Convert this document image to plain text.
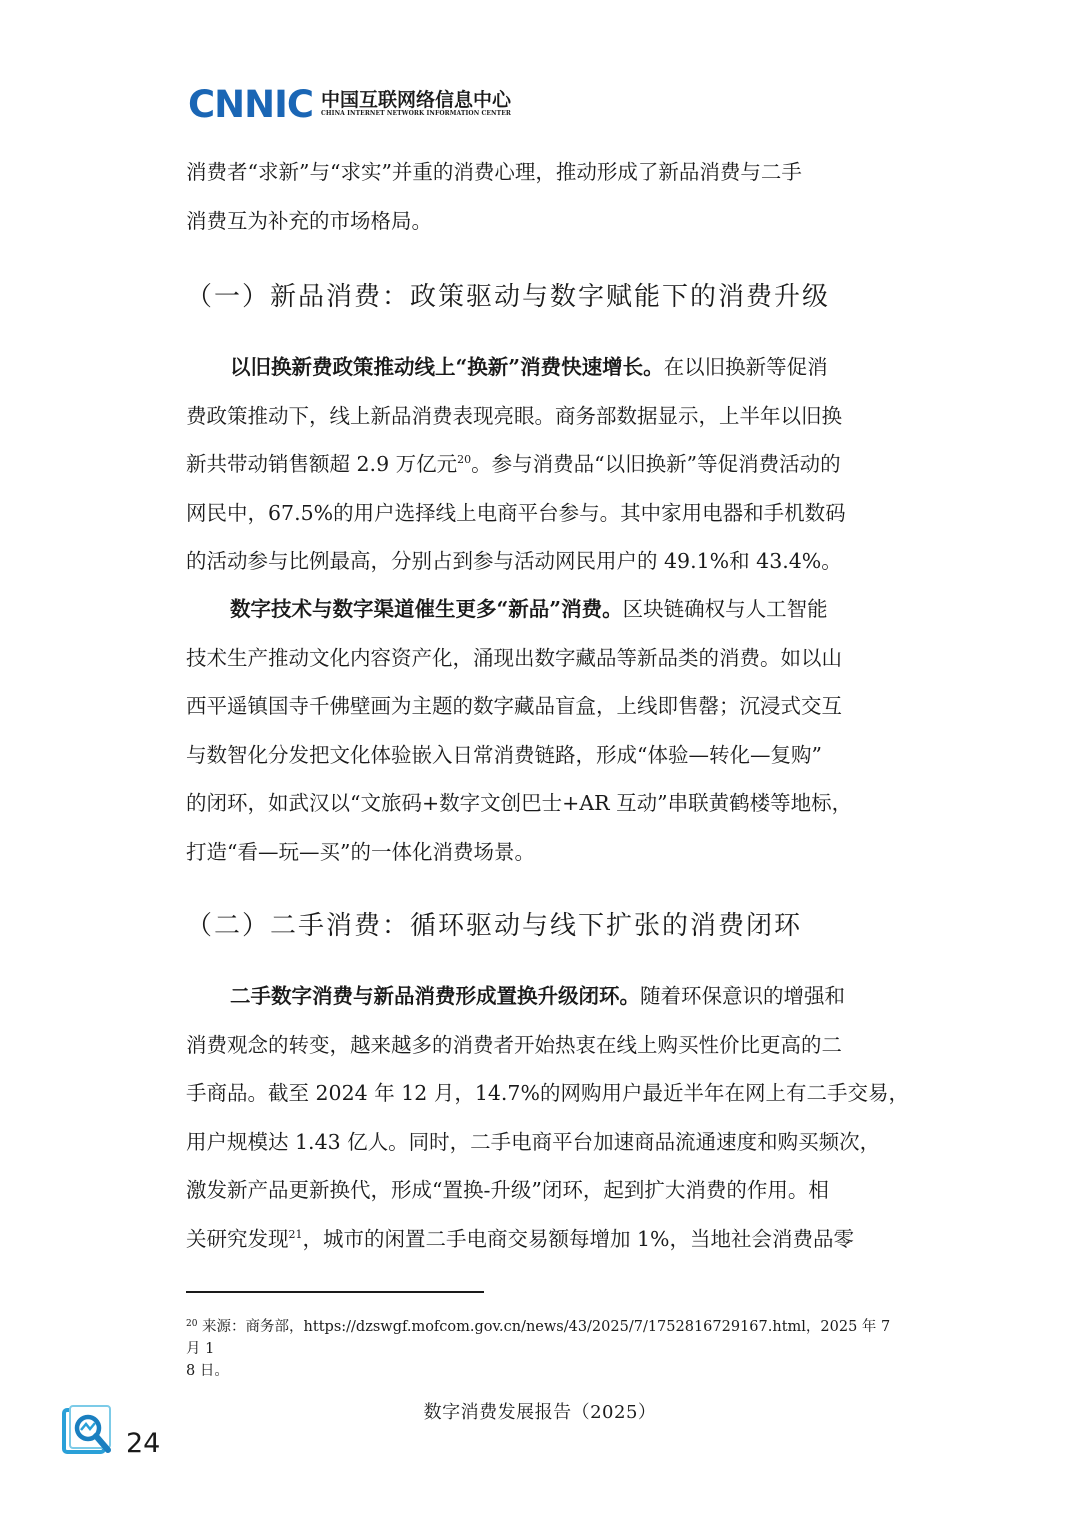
CNNIC 中国互联网络信息中心
CHINA INTERNET NETWORK INFORMATION CENTER
消费者“求新”与“求实”并重的消费心理，推动形成了新品消费与二手
消费互为补充的市场格局。
（一）新品消费：政策驱动与数字赋能下的消费升级
以旧换新费政策推动线上“换新”消费快速增长。在以旧换新等促消
费政策推动下，线上新品消费表现亮眼。商务部数据显示，上半年以旧换
新共带动销售额超 2.9 万亿元$^{20}$。参与消费品“以旧换新”等促消费活动的
网民中，67.5%的用户选择线上电商平台参与。其中家用电器和手机数码
的活动参与比例最高，分别占到参与活动网民用户的 49.1%和 43.4%。
数字技术与数字渠道催生更多“新品”消费。区块链确权与人工智能
技术生产推动文化内容资产化，涌现出数字藏品等新品类的消费。如以山
西平遥镇国寺千佛壁画为主题的数字藏品盲盒，上线即售罄；沉浸式交互
与数智化分发把文化体验嵌入日常消费链路，形成“体验—转化—复购”
的闭环，如武汉以“文旅码+数字文创巴士+AR 互动”串联黄鹤楼等地标，
打造“看—玩—买”的一体化消费场景。
（二）二手消费：循环驱动与线下扩张的消费闭环
二手数字消费与新品消费形成置换升级闭环。随着环保意识的增强和
消费观念的转变，越来越多的消费者开始热衷在线上购买性价比更高的二
手商品。截至 2024 年 12 月，14.7%的网购用户最近半年在网上有二手交易，
用户规模达 1.43 亿人。同时，二手电商平台加速商品流通速度和购买频次，
激发新产品更新换代，形成“置换-升级”闭环，起到扩大消费的作用。相
关研究发现$^{21}$，城市的闲置二手电商交易额每增加 1%，当地社会消费品零
$^{20}$ 来源：商务部，https://dzswgf.mofcom.gov.cn/news/43/2025/7/1752816729167.html，2025 年 7 月 1
8 日。
数字消费发展报告（2025）
24
